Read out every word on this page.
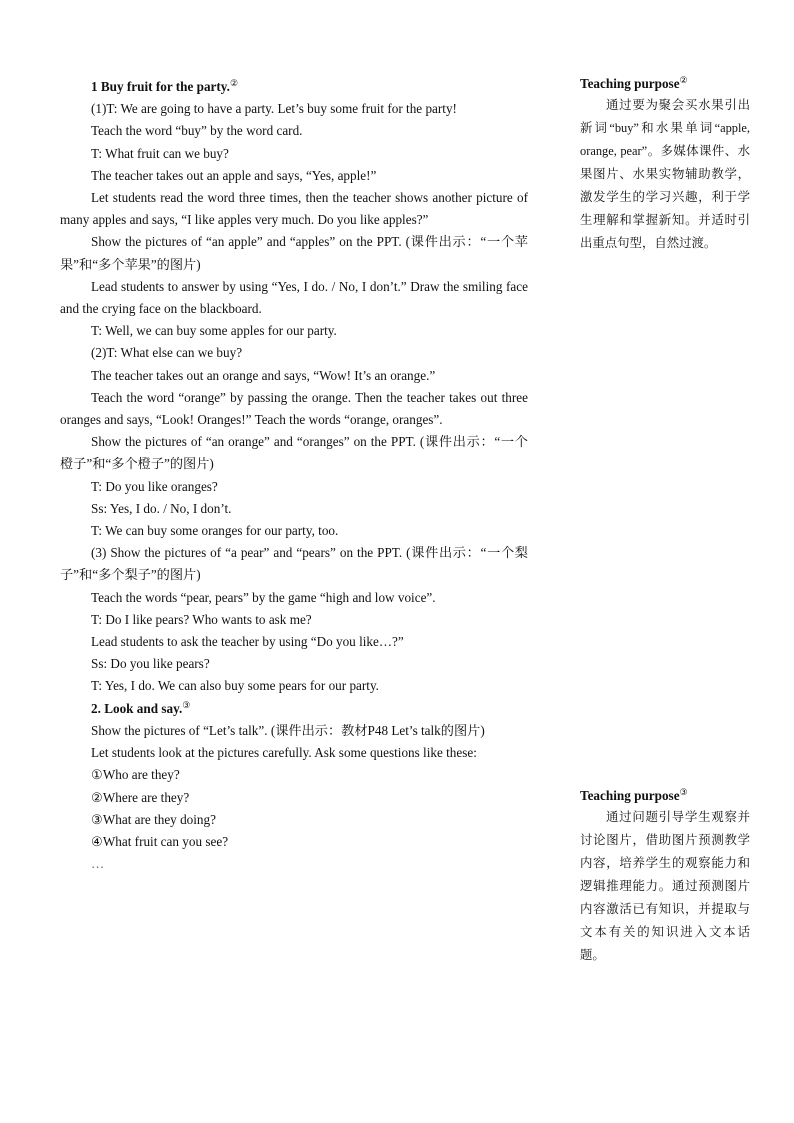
1 Buy fruit for the party.②

(1)T: We are going to have a party. Let’s buy some fruit for the party!

Teach the word “buy” by the word card.

T: What fruit can we buy?

The teacher takes out an apple and says, “Yes, apple!”

Let students read the word three times, then the teacher shows another picture of many apples and says, “I like apples very much. Do you like apples?”

Show the pictures of “an apple” and “apples” on the PPT. (课件出示：“一个苹果”和“多个苹果”的图片)

Lead students to answer by using “Yes, I do. / No, I don’t.” Draw the smiling face and the crying face on the blackboard.

T: Well, we can buy some apples for our party.

(2)T: What else can we buy?

The teacher takes out an orange and says, “Wow! It’s an orange.”

Teach the word “orange” by passing the orange. Then the teacher takes out three oranges and says, “Look! Oranges!” Teach the words “orange, oranges”.

Show the pictures of “an orange” and “oranges” on the PPT. (课件出示：“一个橙子”和“多个橙子”的图片)

T: Do you like oranges?

Ss: Yes, I do. / No, I don’t.

T: We can buy some oranges for our party, too.

(3) Show the pictures of “a pear” and “pears” on the PPT. (课件出示：“一个梨子”和“多个梨子”的图片)

Teach the words “pear, pears” by the game “high and low voice”.

T: Do I like pears? Who wants to ask me?

Lead students to ask the teacher by using “Do you like…?”

Ss: Do you like pears?

T: Yes, I do. We can also buy some pears for our party.

2. Look and say.③

Show the pictures of “Let’s talk”. (课件出示：教材P48 Let’s talk的图片)

Let students look at the pictures carefully. Ask some questions like these:

①Who are they?

②Where are they?

③What are they doing?

④What fruit can you see?

…

Teaching purpose②

通过要为聚会买水果引出新词“buy”和水果单词“apple, orange, pear”。多媒体课件、水果图片、水果实物辅助教学，激发学生的学习兴趣，利于学生理解和掌握新知。并适时引出重点句型，自然过渡。

Teaching purpose③

通过问题引导学生观察并讨论图片，借助图片预测教学内容，培养学生的观察能力和逻辑推理能力。通过预测图片内容激活已有知识，并提取与文本有关的知识进入文本话题。
